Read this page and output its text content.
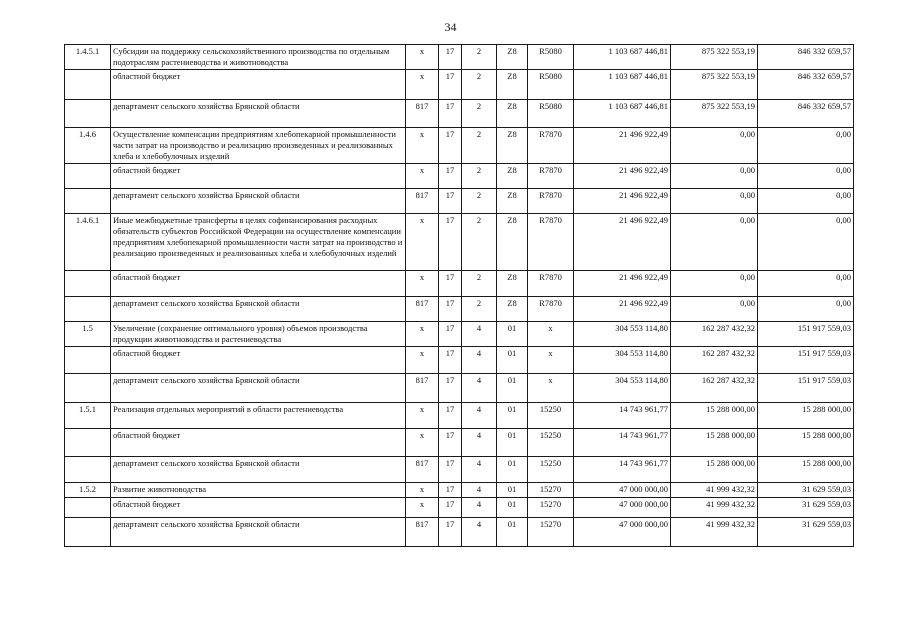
34
1.4.5.1	Субсидии на поддержку сельскохозяйственного производства по отдельным подотраслям растениеводства и животноводства	x	17	2	Z8	R5080	1 103 687 446,81	875 322 553,19	846 332 659,57
	областной бюджет	x	17	2	Z8	R5080	1 103 687 446,81	875 322 553,19	846 332 659,57
	департамент сельского хозяйства Брянской области	817	17	2	Z8	R5080	1 103 687 446,81	875 322 553,19	846 332 659,57
1.4.6	Осуществление компенсации предприятиям хлебопекарной промышленности части затрат на производство и реализацию произведенных и реализованных хлеба и хлебобулочных изделий	x	17	2	Z8	R7870	21 496 922,49	0,00	0,00
	областной бюджет	x	17	2	Z8	R7870	21 496 922,49	0,00	0,00
	департамент сельского хозяйства Брянской области	817	17	2	Z8	R7870	21 496 922,49	0,00	0,00
1.4.6.1	Иные межбюджетные трансферты в целях софинансирования расходных обязательств субъектов Российской Федерации на осуществление компенсации предприятиям хлебопекарной промышленности части затрат на производство и реализацию произведенных и реализованных хлеба и хлебобулочных изделий	x	17	2	Z8	R7870	21 496 922,49	0,00	0,00
	областной бюджет	x	17	2	Z8	R7870	21 496 922,49	0,00	0,00
	департамент сельского хозяйства Брянской области	817	17	2	Z8	R7870	21 496 922,49	0,00	0,00
1.5	Увеличение (сохранение оптимального уровня) объемов производства продукции животноводства и растениеводства	x	17	4	01	x	304 553 114,80	162 287 432,32	151 917 559,03
	областной бюджет	x	17	4	01	x	304 553 114,80	162 287 432,32	151 917 559,03
	департамент сельского хозяйства Брянской области	817	17	4	01	x	304 553 114,80	162 287 432,32	151 917 559,03
1.5.1	Реализация отдельных мероприятий в области растениеводства	x	17	4	01	15250	14 743 961,77	15 288 000,00	15 288 000,00
	областной бюджет	x	17	4	01	15250	14 743 961,77	15 288 000,00	15 288 000,00
	департамент сельского хозяйства Брянской области	817	17	4	01	15250	14 743 961,77	15 288 000,00	15 288 000,00
1.5.2	Развитие животноводства	x	17	4	01	15270	47 000 000,00	41 999 432,32	31 629 559,03
	областной бюджет	x	17	4	01	15270	47 000 000,00	41 999 432,32	31 629 559,03
	департамент сельского хозяйства Брянской области	817	17	4	01	15270	47 000 000,00	41 999 432,32	31 629 559,03
